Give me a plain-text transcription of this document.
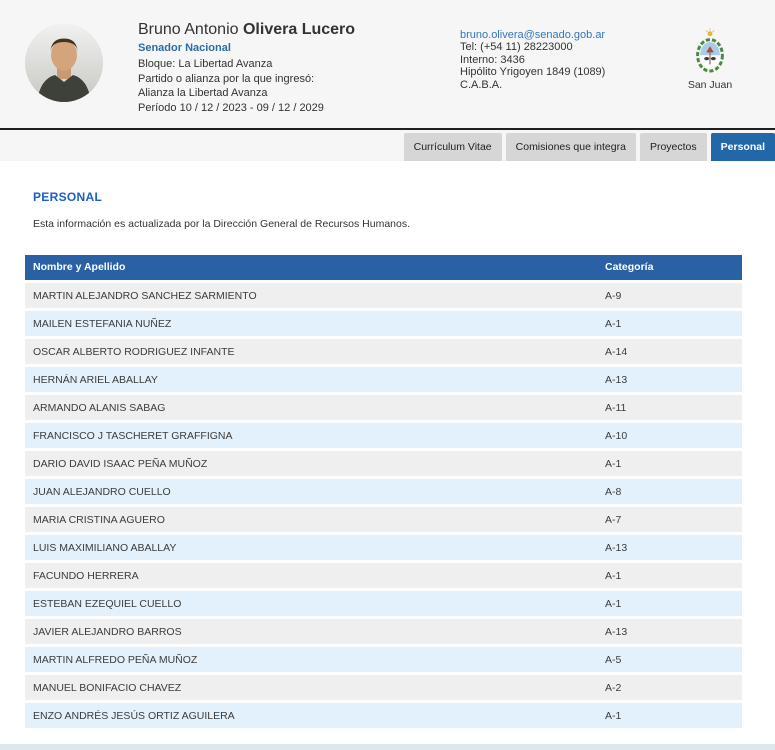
Bruno Antonio Olivera Lucero
Senador Nacional
Bloque: La Libertad Avanza
Partido o alianza por la que ingresó:
Alianza la Libertad Avanza
Período 10 / 12 / 2023 - 09 / 12 / 2029
bruno.olivera@senado.gob.ar
Tel: (+54 11) 28223000
Interno: 3436
Hipólito Yrigoyen 1849 (1089)
C.A.B.A.	San Juan
Currículum Vitae	Comisiones que integra	Proyectos	Personal
PERSONAL

Esta información es actualizada por la Dirección General de Recursos Humanos.

Nombre y Apellido	Categoría
MARTIN ALEJANDRO SANCHEZ SARMIENTO	A-9
MAILEN ESTEFANIA NUÑEZ	A-1
OSCAR ALBERTO RODRIGUEZ INFANTE	A-14
HERNÁN ARIEL ABALLAY	A-13
ARMANDO ALANIS SABAG	A-11
FRANCISCO J TASCHERET GRAFFIGNA	A-10
DARIO DAVID ISAAC PEÑA MUÑOZ	A-1
JUAN ALEJANDRO CUELLO	A-8
MARIA CRISTINA AGUERO	A-7
LUIS MAXIMILIANO ABALLAY	A-13
FACUNDO HERRERA	A-1
ESTEBAN EZEQUIEL CUELLO	A-1
JAVIER ALEJANDRO BARROS	A-13
MARTIN ALFREDO PEÑA MUÑOZ	A-5
MANUEL BONIFACIO CHAVEZ	A-2
ENZO ANDRÉS JESÚS ORTIZ AGUILERA	A-1
